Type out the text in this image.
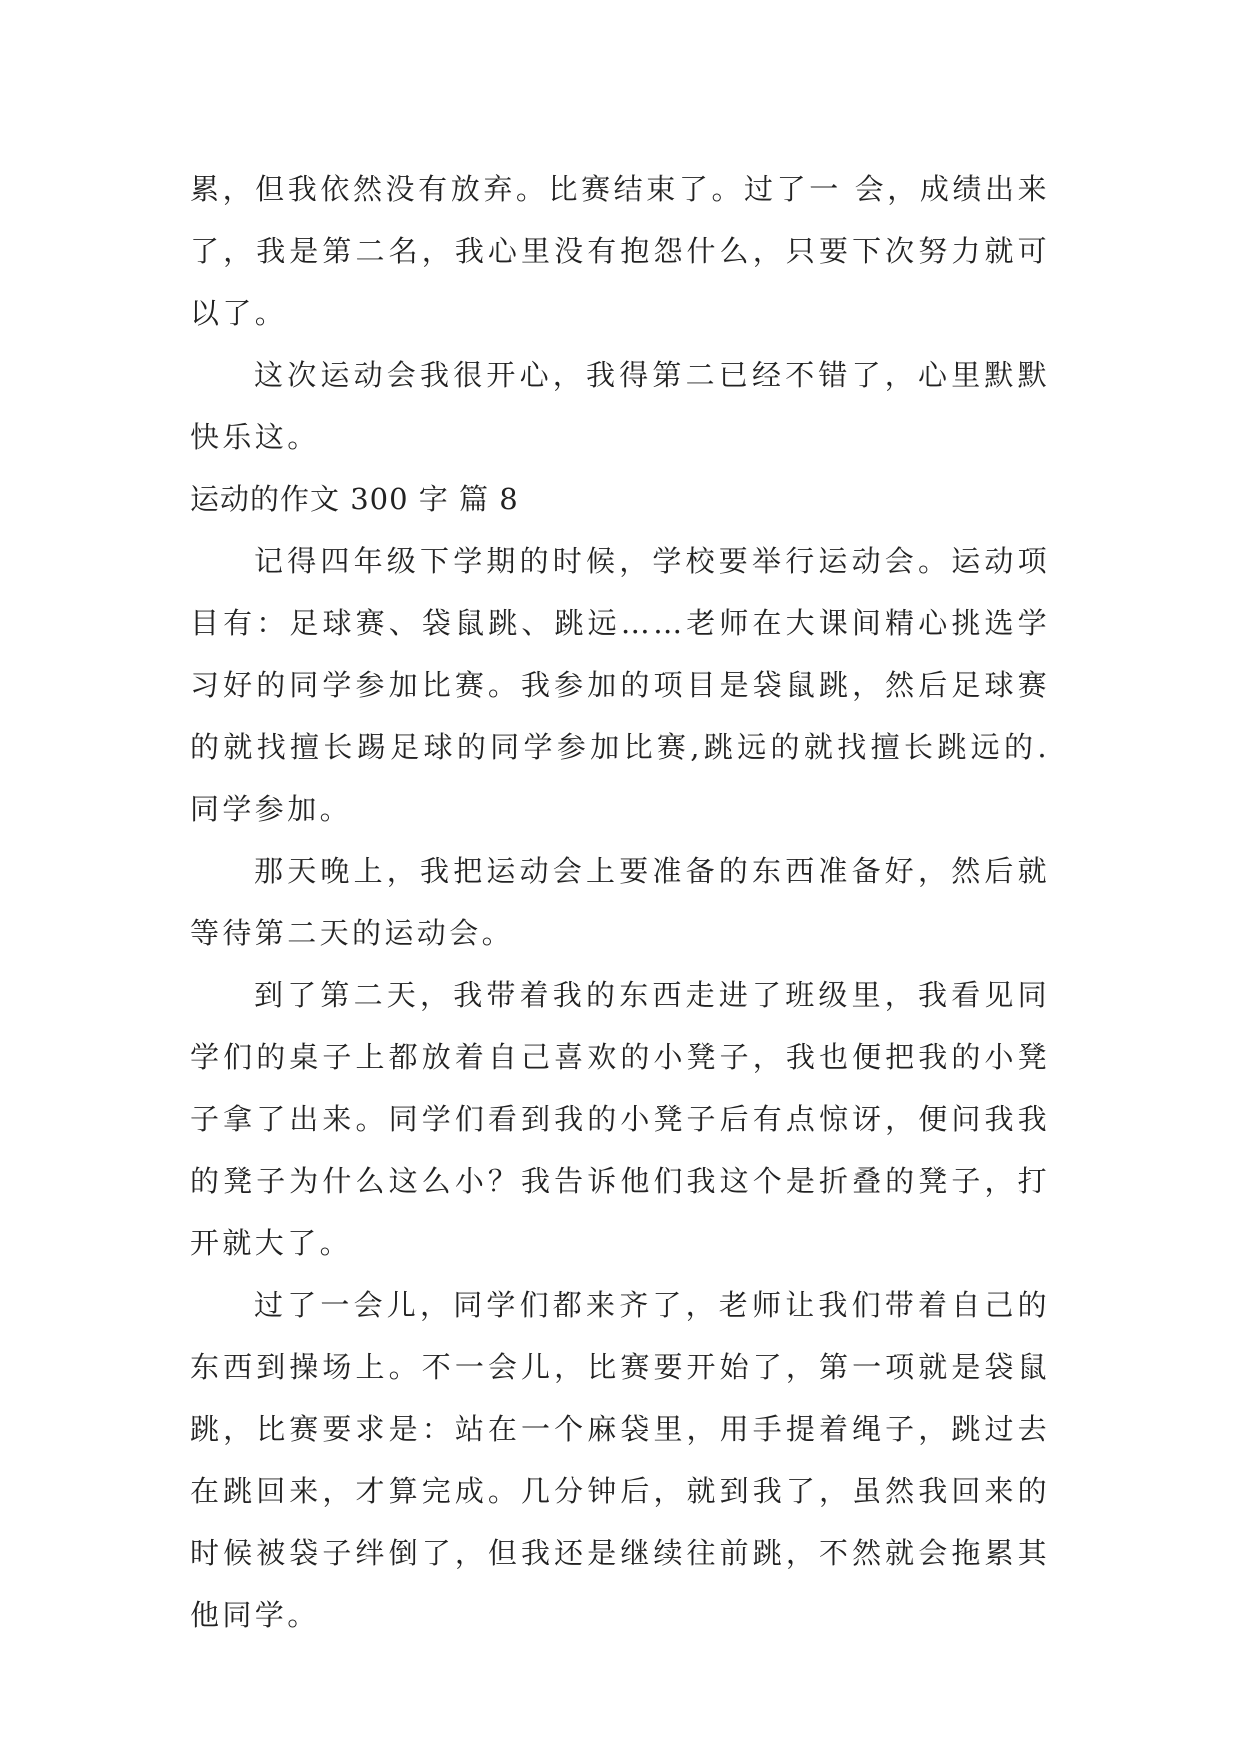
累，但我依然没有放弃。比赛结束了。过了一 会，成绩出来了，我是第二名，我心里没有抱怨什么，只要下次努力就可以了。

这次运动会我很开心，我得第二已经不错了，心里默默快乐这。

运动的作文 300 字 篇 8

记得四年级下学期的时候，学校要举行运动会。运动项目有：足球赛、袋鼠跳、跳远……老师在大课间精心挑选学习好的同学参加比赛。我参加的项目是袋鼠跳，然后足球赛的就找擅长踢足球的同学参加比赛,跳远的就找擅长跳远的.同学参加。

那天晚上，我把运动会上要准备的东西准备好，然后就等待第二天的运动会。

到了第二天，我带着我的东西走进了班级里，我看见同学们的桌子上都放着自己喜欢的小凳子，我也便把我的小凳子拿了出来。同学们看到我的小凳子后有点惊讶，便问我我的凳子为什么这么小？我告诉他们我这个是折叠的凳子，打开就大了。

过了一会儿，同学们都来齐了，老师让我们带着自己的东西到操场上。不一会儿，比赛要开始了，第一项就是袋鼠跳，比赛要求是：站在一个麻袋里，用手提着绳子，跳过去在跳回来，才算完成。几分钟后，就到我了，虽然我回来的时候被袋子绊倒了，但我还是继续往前跳，不然就会拖累其他同学。
